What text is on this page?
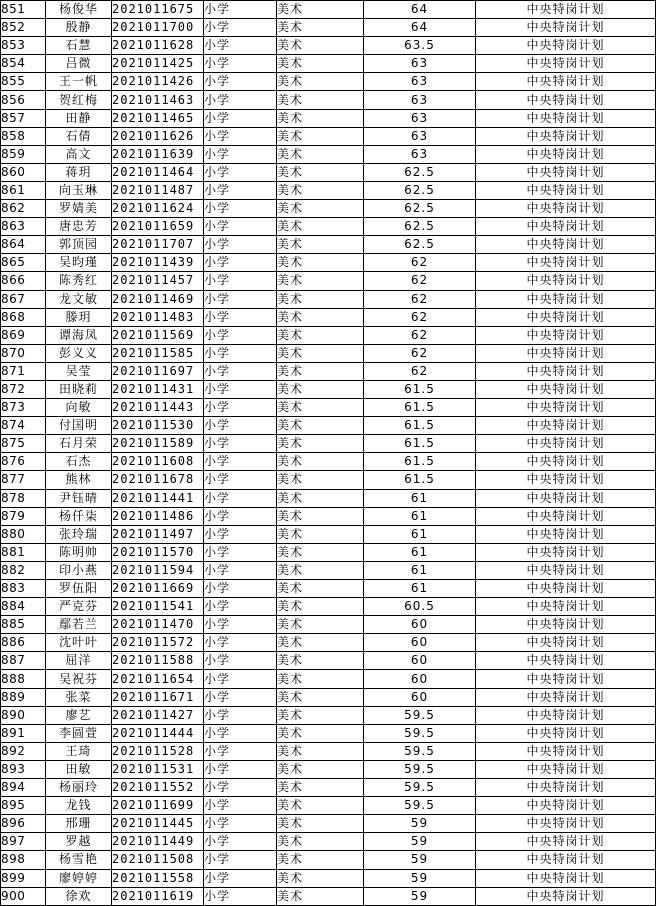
851	杨俊华	2021011675	小学	美术	64	中央特岗计划
852	殷静	2021011700	小学	美术	64	中央特岗计划
853	石慧	2021011628	小学	美术	63.5	中央特岗计划
854	吕微	2021011425	小学	美术	63	中央特岗计划
855	王一帆	2021011426	小学	美术	63	中央特岗计划
856	贺红梅	2021011463	小学	美术	63	中央特岗计划
857	田静	2021011465	小学	美术	63	中央特岗计划
858	石倩	2021011626	小学	美术	63	中央特岗计划
859	高文	2021011639	小学	美术	63	中央特岗计划
860	蒋玥	2021011464	小学	美术	62.5	中央特岗计划
861	向玉琳	2021011487	小学	美术	62.5	中央特岗计划
862	罗婧美	2021011624	小学	美术	62.5	中央特岗计划
863	唐忠芳	2021011659	小学	美术	62.5	中央特岗计划
864	郭顶园	2021011707	小学	美术	62.5	中央特岗计划
865	吴昀瑾	2021011439	小学	美术	62	中央特岗计划
866	陈秀红	2021011457	小学	美术	62	中央特岗计划
867	龙文敏	2021011469	小学	美术	62	中央特岗计划
868	滕玥	2021011483	小学	美术	62	中央特岗计划
869	谭海凤	2021011569	小学	美术	62	中央特岗计划
870	彭义义	2021011585	小学	美术	62	中央特岗计划
871	吴莹	2021011697	小学	美术	62	中央特岗计划
872	田晓莉	2021011431	小学	美术	61.5	中央特岗计划
873	向敏	2021011443	小学	美术	61.5	中央特岗计划
874	付国明	2021011530	小学	美术	61.5	中央特岗计划
875	石月荣	2021011589	小学	美术	61.5	中央特岗计划
876	石杰	2021011608	小学	美术	61.5	中央特岗计划
877	熊林	2021011678	小学	美术	61.5	中央特岗计划
878	尹钰晴	2021011441	小学	美术	61	中央特岗计划
879	杨仟柒	2021011486	小学	美术	61	中央特岗计划
880	张玲瑞	2021011497	小学	美术	61	中央特岗计划
881	陈明帅	2021011570	小学	美术	61	中央特岗计划
882	印小燕	2021011594	小学	美术	61	中央特岗计划
883	罗伍阳	2021011669	小学	美术	61	中央特岗计划
884	严克芬	2021011541	小学	美术	60.5	中央特岗计划
885	鄢若兰	2021011470	小学	美术	60	中央特岗计划
886	沈叶叶	2021011572	小学	美术	60	中央特岗计划
887	屈洋	2021011588	小学	美术	60	中央特岗计划
888	吴祝芬	2021011654	小学	美术	60	中央特岗计划
889	张菜	2021011671	小学	美术	60	中央特岗计划
890	廖艺	2021011427	小学	美术	59.5	中央特岗计划
891	李圆萱	2021011444	小学	美术	59.5	中央特岗计划
892	王琦	2021011528	小学	美术	59.5	中央特岗计划
893	田敏	2021011531	小学	美术	59.5	中央特岗计划
894	杨丽玲	2021011552	小学	美术	59.5	中央特岗计划
895	龙钱	2021011699	小学	美术	59.5	中央特岗计划
896	邢珊	2021011445	小学	美术	59	中央特岗计划
897	罗越	2021011449	小学	美术	59	中央特岗计划
898	杨雪艳	2021011508	小学	美术	59	中央特岗计划
899	廖婷婷	2021011558	小学	美术	59	中央特岗计划
900	徐欢	2021011619	小学	美术	59	中央特岗计划
